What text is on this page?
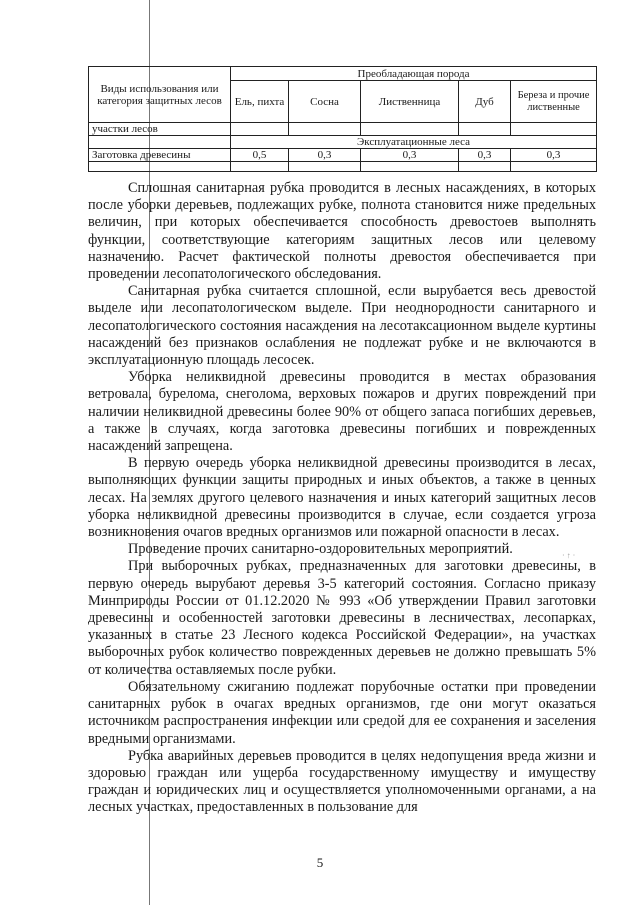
Виды использования или категория защитных лесов	Преобладающая порода				
	Ель, пихта	Сосна	Лиственница	Дуб	Береза и прочие лиственные
участки лесов					
	Эксплуатационные леса				
Заготовка древесины	0,5	0,3	0,3	0,3	0,3

Сплошная санитарная рубка проводится в лесных насаждениях, в которых после уборки деревьев, подлежащих рубке, полнота становится ниже предельных величин, при которых обеспечивается способность древостоев выполнять функции, соответствующие категориям защитных лесов или целевому назначению. Расчет фактической полноты древостоя обеспечивается при проведении лесопатологического обследования.

Санитарная рубка считается сплошной, если вырубается весь древостой выделе или лесопатологическом выделе. При неоднородности санитарного и лесопатологического состояния насаждения на лесотаксационном выделе куртины насаждений без признаков ослабления не подлежат рубке и не включаются в эксплуатационную площадь лесосек.

Уборка неликвидной древесины проводится в местах образования ветровала, бурелома, снеголома, верховых пожаров и других повреждений при наличии неликвидной древесины более 90% от общего запаса погибших деревьев, а также в случаях, когда заготовка древесины погибших и поврежденных насаждений запрещена.

В первую очередь уборка неликвидной древесины производится в лесах, выполняющих функции защиты природных и иных объектов, а также в ценных лесах. На землях другого целевого назначения и иных категорий защитных лесов уборка неликвидной древесины производится в случае, если создается угроза возникновения очагов вредных организмов или пожарной опасности в лесах.

Проведение прочих санитарно-оздоровительных мероприятий.

При выборочных рубках, предназначенных для заготовки древесины, в первую очередь вырубают деревья 3-5 категорий состояния. Согласно приказу Минприроды России от 01.12.2020 № 993 «Об утверждении Правил заготовки древесины и особенностей заготовки древесины в лесничествах, лесопарках, указанных в статье 23 Лесного кодекса Российской Федерации», на участках выборочных рубок количество поврежденных деревьев не должно превышать 5% от количества оставляемых после рубки.

Обязательному сжиганию подлежат порубочные остатки при проведении санитарных рубок в очагах вредных организмов, где они могут оказаться источником распространения инфекции или средой для ее сохранения и заселения вредными организмами.

Рубка аварийных деревьев проводится в целях недопущения вреда жизни и здоровью граждан или ущерба государственному имуществу и имуществу граждан и юридических лиц и осуществляется уполномоченными органами, а на лесных участках, предоставленных в пользование для

· ↑ ·
5
